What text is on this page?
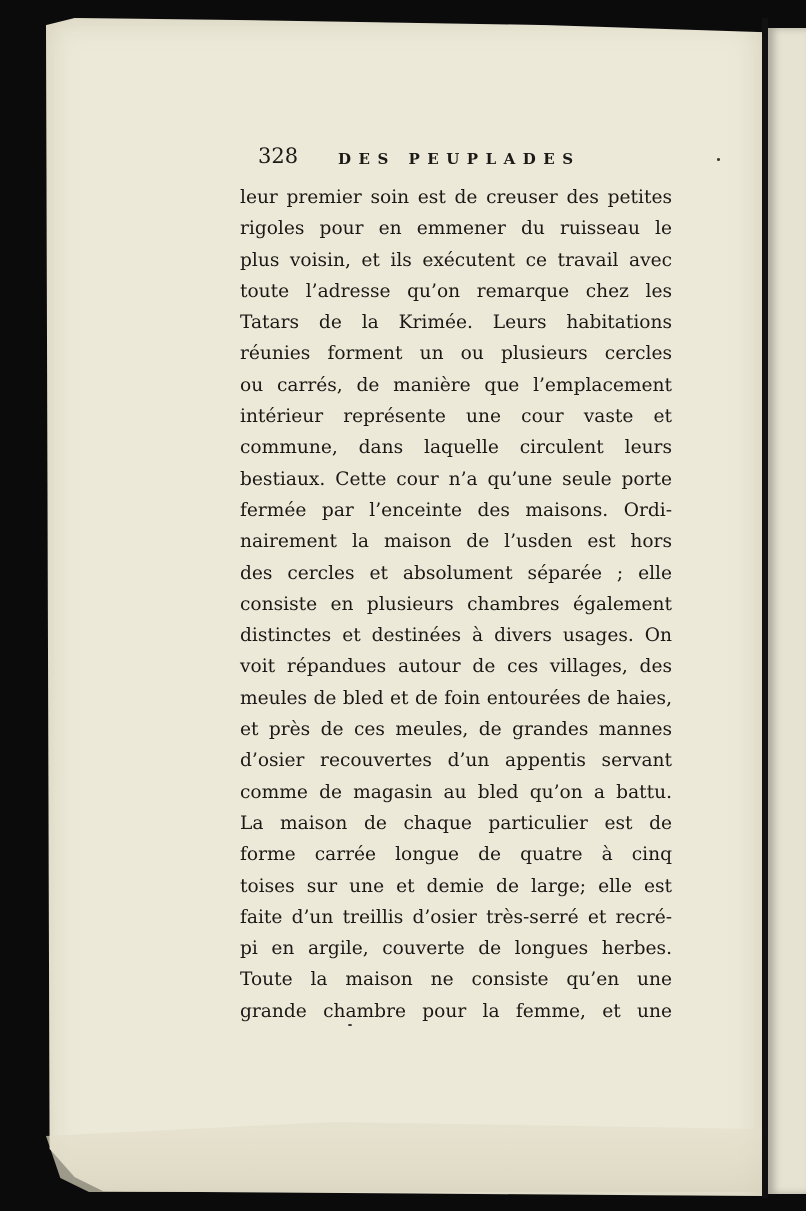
328	DES PEUPLADES
leur premier soin est de creuser des petites
rigoles pour en emmener du ruisseau le
plus voisin, et ils exécutent ce travail avec
toute l’adresse qu’on remarque chez les
Tatars de la Krimée. Leurs habitations
réunies forment un ou plusieurs cercles
ou carrés, de manière que l’emplacement
intérieur représente une cour vaste et
commune, dans laquelle circulent leurs
bestiaux. Cette cour n’a qu’une seule porte
fermée par l’enceinte des maisons. Ordi-
nairement la maison de l’usden est hors
des cercles et absolument séparée ; elle
consiste en plusieurs chambres également
distinctes et destinées à divers usages. On
voit répandues autour de ces villages, des
meules de bled et de foin entourées de haies,
et près de ces meules, de grandes mannes
d’osier recouvertes d’un appentis servant
comme de magasin au bled qu’on a battu.
La maison de chaque particulier est de
forme carrée longue de quatre à cinq
toises sur une et demie de large; elle est
faite d’un treillis d’osier très-serré et recré-
pi en argile, couverte de longues herbes.
Toute la maison ne consiste qu’en une
grande chambre pour la femme, et une
